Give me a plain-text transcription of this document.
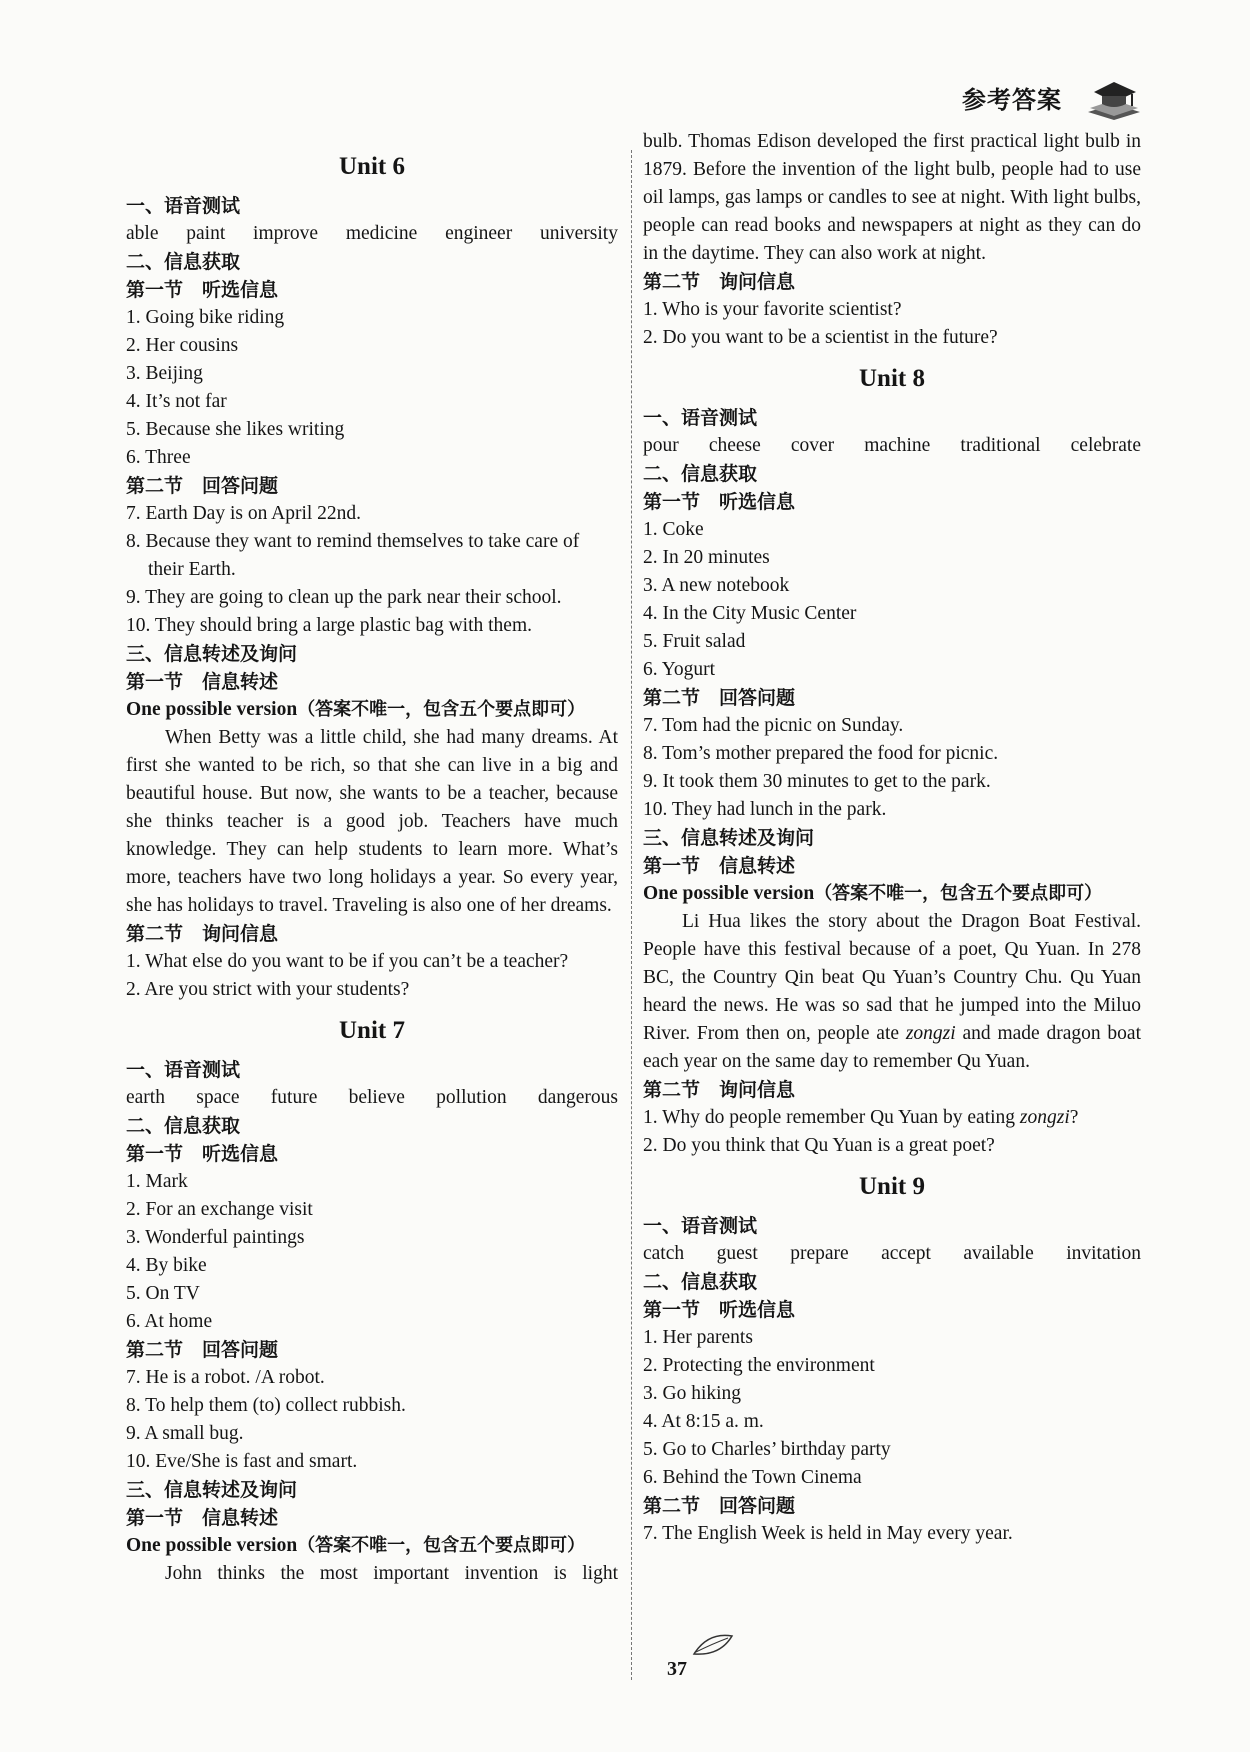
参考答案
Unit 6
一、语音测试
able paint improve medicine engineer university
二、信息获取
第一节　听选信息
1. Going bike riding
2. Her cousins
3. Beijing
4. It’s not far
5. Because she likes writing
6. Three
第二节　回答问题
7. Earth Day is on April 22nd.
8. Because they want to remind themselves to take care of their Earth.
9. They are going to clean up the park near their school.
10. They should bring a large plastic bag with them.
三、信息转述及询问
第一节　信息转述
One possible version（答案不唯一，包含五个要点即可）
When Betty was a little child, she had many dreams. At first she wanted to be rich, so that she can live in a big and beautiful house. But now, she wants to be a teacher, because she thinks teacher is a good job. Teachers have much knowledge. They can help students to learn more. What’s more, teachers have two long holidays a year. So every year, she has holidays to travel. Traveling is also one of her dreams.
第二节　询问信息
1. What else do you want to be if you can’t be a teacher?
2. Are you strict with your students?
Unit 7
一、语音测试
earth space future believe pollution dangerous
二、信息获取
第一节　听选信息
1. Mark
2. For an exchange visit
3. Wonderful paintings
4. By bike
5. On TV
6. At home
第二节　回答问题
7. He is a robot. /A robot.
8. To help them (to) collect rubbish.
9. A small bug.
10. Eve/She is fast and smart.
三、信息转述及询问
第一节　信息转述
One possible version（答案不唯一，包含五个要点即可）
John thinks the most important invention is light
bulb. Thomas Edison developed the first practical light bulb in 1879. Before the invention of the light bulb, people had to use oil lamps, gas lamps or candles to see at night. With light bulbs, people can read books and newspapers at night as they can do in the daytime. They can also work at night.
第二节　询问信息
1. Who is your favorite scientist?
2. Do you want to be a scientist in the future?
Unit 8
一、语音测试
pour cheese cover machine traditional celebrate
二、信息获取
第一节　听选信息
1. Coke
2. In 20 minutes
3. A new notebook
4. In the City Music Center
5. Fruit salad
6. Yogurt
第二节　回答问题
7. Tom had the picnic on Sunday.
8. Tom’s mother prepared the food for picnic.
9. It took them 30 minutes to get to the park.
10. They had lunch in the park.
三、信息转述及询问
第一节　信息转述
One possible version（答案不唯一，包含五个要点即可）
Li Hua likes the story about the Dragon Boat Festival. People have this festival because of a poet, Qu Yuan. In 278 BC, the Country Qin beat Qu Yuan’s Country Chu. Qu Yuan heard the news. He was so sad that he jumped into the Miluo River. From then on, people ate zongzi and made dragon boat each year on the same day to remember Qu Yuan.
第二节　询问信息
1. Why do people remember Qu Yuan by eating zongzi?
2. Do you think that Qu Yuan is a great poet?
Unit 9
一、语音测试
catch guest prepare accept available invitation
二、信息获取
第一节　听选信息
1. Her parents
2. Protecting the environment
3. Go hiking
4. At 8:15 a. m.
5. Go to Charles’ birthday party
6. Behind the Town Cinema
第二节　回答问题
7. The English Week is held in May every year.
37
